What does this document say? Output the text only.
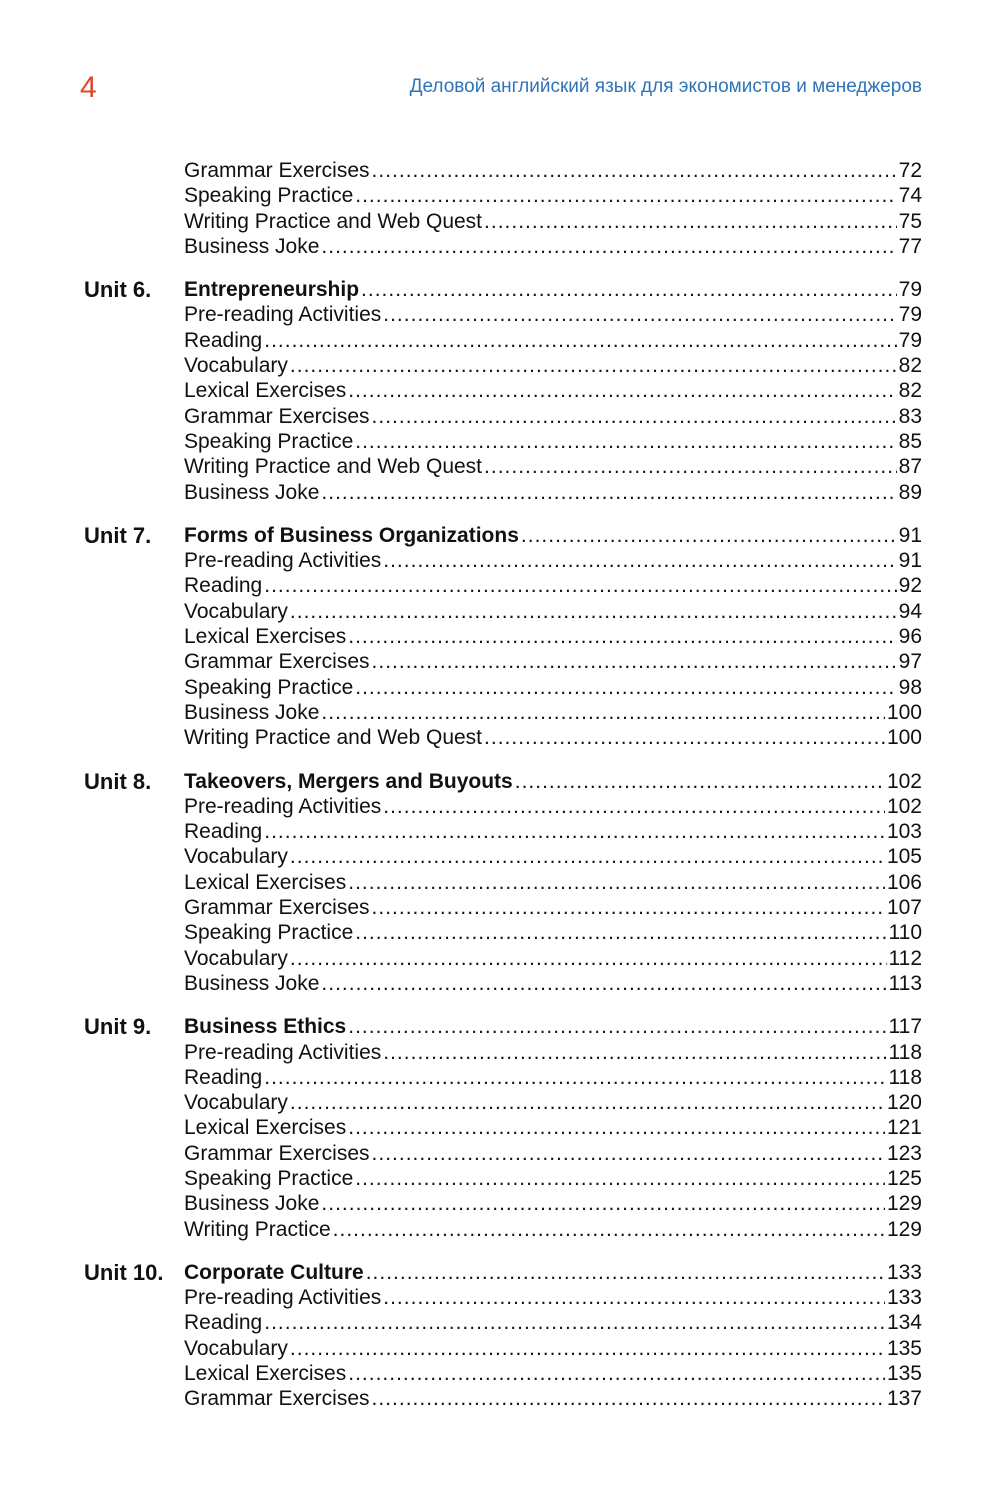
4	Деловой английский язык для экономистов и менеджеров
Grammar Exercises .....	72
Speaking Practice .....	74
Writing Practice and Web Quest .....	75
Business Joke .....	77
Unit 6. Entrepreneurship .....	79
Pre-reading Activities .....	79
Reading .....	79
Vocabulary .....	82
Lexical Exercises .....	82
Grammar Exercises .....	83
Speaking Practice .....	85
Writing Practice and Web Quest .....	87
Business Joke .....	89
Unit 7. Forms of Business Organizations .....	91
Pre-reading Activities .....	91
Reading .....	92
Vocabulary .....	94
Lexical Exercises .....	96
Grammar Exercises .....	97
Speaking Practice .....	98
Business Joke .....	100
Writing Practice and Web Quest .....	100
Unit 8. Takeovers, Mergers and Buyouts .....	102
Pre-reading Activities .....	102
Reading .....	103
Vocabulary .....	105
Lexical Exercises .....	106
Grammar Exercises .....	107
Speaking Practice .....	110
Vocabulary .....	112
Business Joke .....	113
Unit 9. Business Ethics .....	117
Pre-reading Activities .....	118
Reading .....	118
Vocabulary .....	120
Lexical Exercises .....	121
Grammar Exercises .....	123
Speaking Practice .....	125
Business Joke .....	129
Writing Practice .....	129
Unit 10. Corporate Culture .....	133
Pre-reading Activities .....	133
Reading .....	134
Vocabulary .....	135
Lexical Exercises .....	135
Grammar Exercises .....	137
